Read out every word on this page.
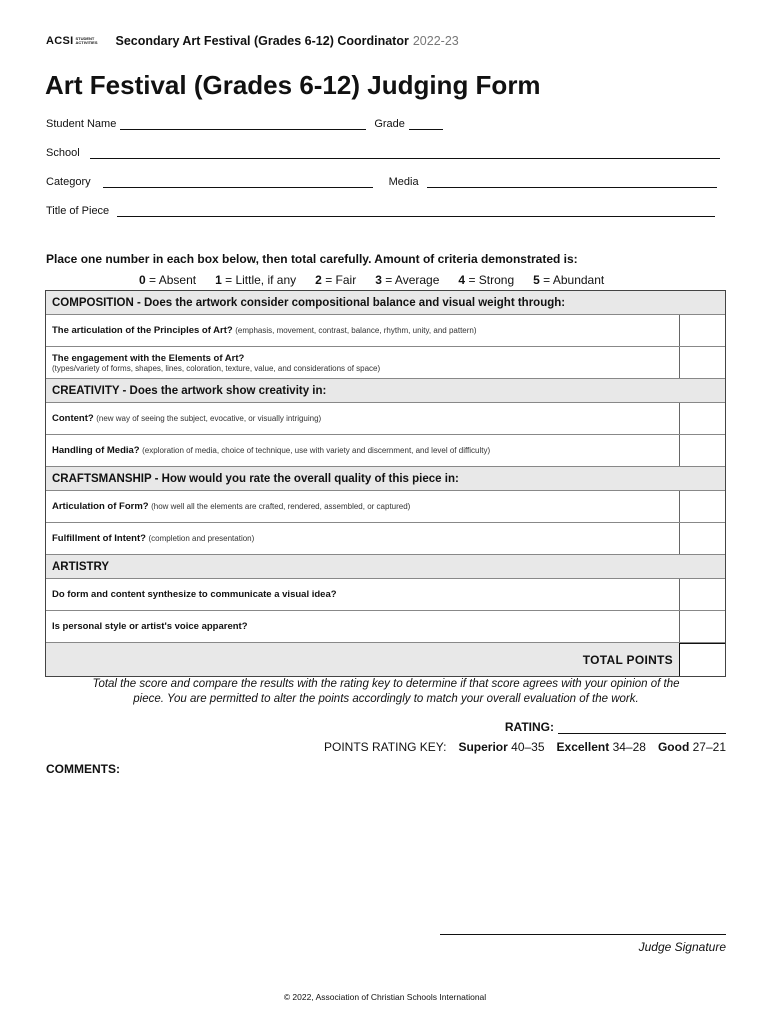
ACSI STUDENT ACTIVITIES	Secondary Art Festival (Grades 6-12) Coordinator 2022-23
Art Festival (Grades 6-12) Judging Form
Student Name	Grade
School
Category	Media
Title of Piece
Place one number in each box below, then total carefully. Amount of criteria demonstrated is:
0 = Absent 1 = Little, if any 2 = Fair 3 = Average 4 = Strong 5 = Abundant
COMPOSITION - Does the artwork consider compositional balance and visual weight through:
The articulation of the Principles of Art? (emphasis, movement, contrast, balance, rhythm, unity, and pattern)
The engagement with the Elements of Art?
(types/variety of forms, shapes, lines, coloration, texture, value, and considerations of space)
CREATIVITY - Does the artwork show creativity in:
Content? (new way of seeing the subject, evocative, or visually intriguing)
Handling of Media? (exploration of media, choice of technique, use with variety and discernment, and level of difficulty)
CRAFTSMANSHIP - How would you rate the overall quality of this piece in:
Articulation of Form? (how well all the elements are crafted, rendered, assembled, or captured)
Fulfillment of Intent? (completion and presentation)
ARTISTRY
Do form and content synthesize to communicate a visual idea?
Is personal style or artist's voice apparent?
TOTAL POINTS
Total the score and compare the results with the rating key to determine if that score agrees with your opinion of the
piece. You are permitted to alter the points accordingly to match your overall evaluation of the work.
RATING:
POINTS RATING KEY: Superior 40–35 Excellent 34–28 Good 27–21
COMMENTS:
Judge Signature
© 2022, Association of Christian Schools International
